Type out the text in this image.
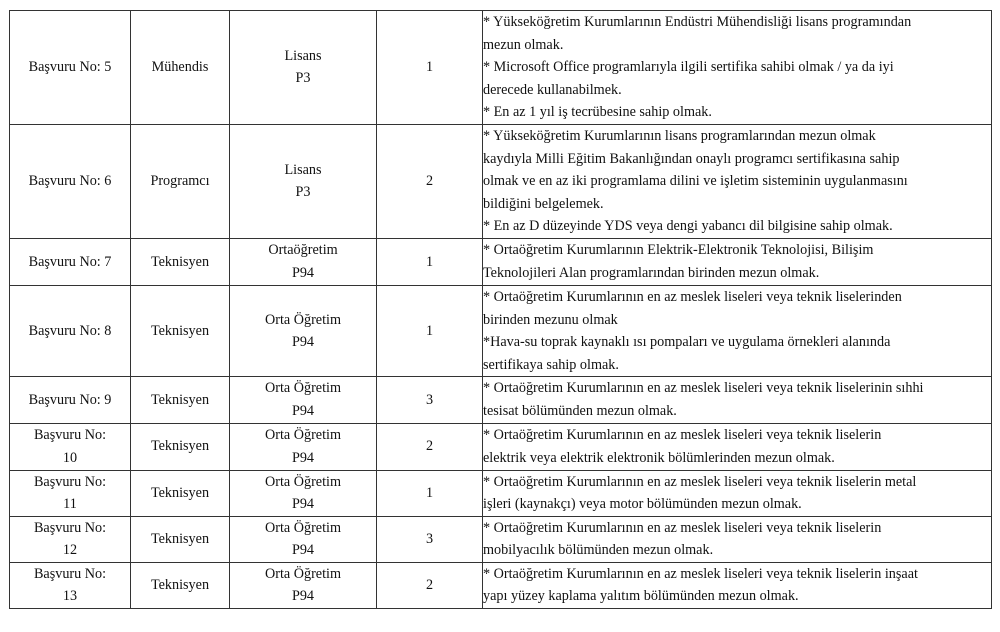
Başvuru No: 5	Mühendis	Lisans
P3	1	* Yükseköğretim Kurumlarının Endüstri Mühendisliği lisans programından
mezun olmak.
* Microsoft Office programlarıyla ilgili sertifika sahibi olmak / ya da iyi
derecede kullanabilmek.
* En az 1 yıl iş tecrübesine sahip olmak.

Başvuru No: 6	Programcı	Lisans
P3	2	* Yükseköğretim Kurumlarının lisans programlarından mezun olmak
kaydıyla Milli Eğitim Bakanlığından onaylı programcı sertifikasına sahip
olmak ve en az iki programlama dilini ve işletim sisteminin uygulanmasını
bildiğini belgelemek.
* En az D düzeyinde YDS veya dengi yabancı dil bilgisine sahip olmak.

Başvuru No: 7	Teknisyen	Ortaöğretim
P94	1	* Ortaöğretim Kurumlarının Elektrik-Elektronik Teknolojisi, Bilişim
Teknolojileri Alan programlarından birinden mezun olmak.

Başvuru No: 8	Teknisyen	Orta Öğretim
P94	1	* Ortaöğretim Kurumlarının en az meslek liseleri veya teknik liselerinden
birinden mezunu olmak
*Hava-su toprak kaynaklı ısı pompaları ve uygulama örnekleri alanında
sertifikaya sahip olmak.

Başvuru No: 9	Teknisyen	Orta Öğretim
P94	3	* Ortaöğretim Kurumlarının en az meslek liseleri veya teknik liselerinin sıhhi
tesisat bölümünden mezun olmak.

Başvuru No:
10	Teknisyen	Orta Öğretim
P94	2	* Ortaöğretim Kurumlarının en az meslek liseleri veya teknik liselerin
elektrik veya elektrik elektronik bölümlerinden mezun olmak.

Başvuru No:
11	Teknisyen	Orta Öğretim
P94	1	* Ortaöğretim Kurumlarının en az meslek liseleri veya teknik liselerin metal
işleri (kaynakçı) veya motor bölümünden mezun olmak.

Başvuru No:
12	Teknisyen	Orta Öğretim
P94	3	* Ortaöğretim Kurumlarının en az meslek liseleri veya teknik liselerin
mobilyacılık bölümünden mezun olmak.

Başvuru No:
13	Teknisyen	Orta Öğretim
P94	2	* Ortaöğretim Kurumlarının en az meslek liseleri veya teknik liselerin inşaat
yapı yüzey kaplama yalıtım bölümünden mezun olmak.
